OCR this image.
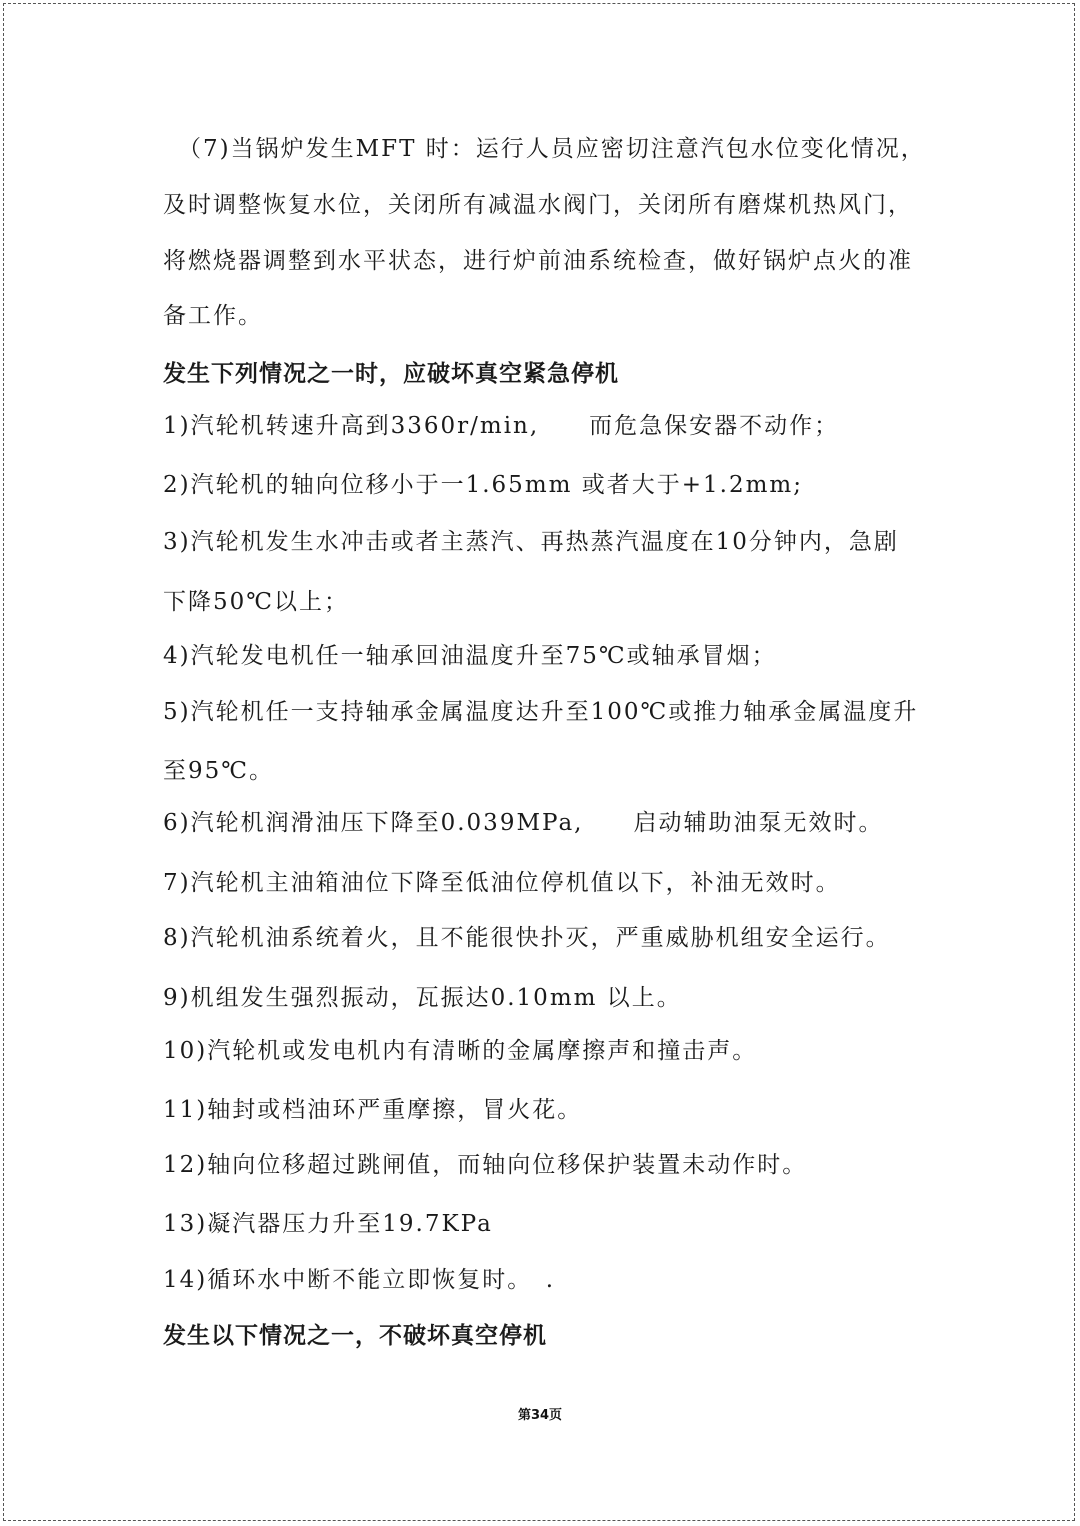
（7)当锅炉发生MFT 时：运行人员应密切注意汽包水位变化情况，
及时调整恢复水位，关闭所有减温水阀门，关闭所有磨煤机热风门，
将燃烧器调整到水平状态，进行炉前油系统检查，做好锅炉点火的准
备工作。
发生下列情况之一时，应破坏真空紧急停机
1)汽轮机转速升高到3360r/min,　　而危急保安器不动作；
2)汽轮机的轴向位移小于一1.65mm 或者大于+1.2mm;
3)汽轮机发生水冲击或者主蒸汽、再热蒸汽温度在10分钟内，急剧
下降50℃以上；
4)汽轮发电机任一轴承回油温度升至75℃或轴承冒烟；
5)汽轮机任一支持轴承金属温度达升至100℃或推力轴承金属温度升
至95℃。
6)汽轮机润滑油压下降至0.039MPa,　　启动辅助油泵无效时。
7)汽轮机主油箱油位下降至低油位停机值以下，补油无效时。
8)汽轮机油系统着火，且不能很快扑灭，严重威胁机组安全运行。
9)机组发生强烈振动，瓦振达0.10mm 以上。
10)汽轮机或发电机内有清晰的金属摩擦声和撞击声。
11)轴封或档油环严重摩擦，冒火花。
12)轴向位移超过跳闸值，而轴向位移保护装置未动作时。
13)凝汽器压力升至19.7KPa
14)循环水中断不能立即恢复时。　.
发生以下情况之一，不破坏真空停机
第34页
